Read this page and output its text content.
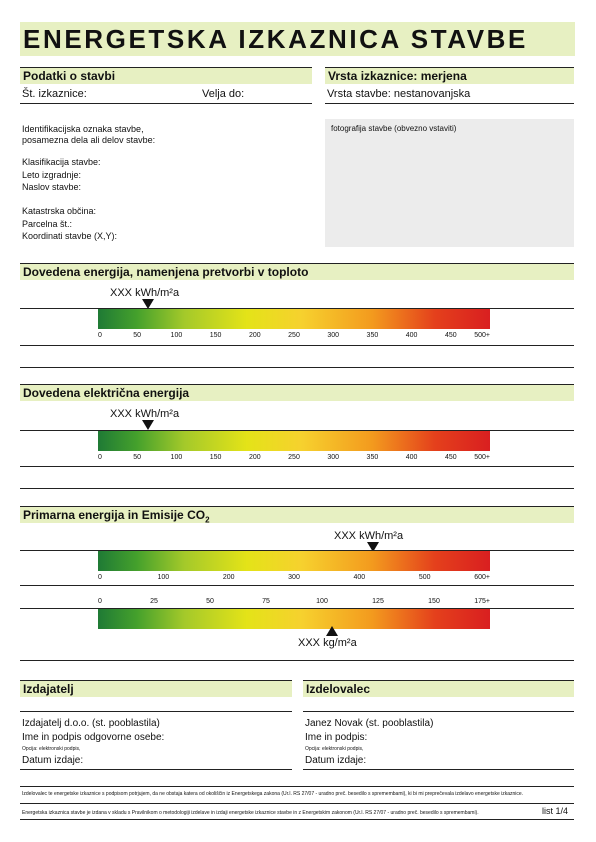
ENERGETSKA IZKAZNICA STAVBE
Podatki o stavbi
Št. izkaznice:	Velja do:
Identifikacijska oznaka stavbe,
posamezna dela ali delov stavbe:
Klasifikacija stavbe:
Leto izgradnje:
Naslov stavbe:
Katastrska občina:
Parcelna št.:
Koordinati stavbe (X,Y):
Vrsta izkaznice: merjena
Vrsta stavbe: nestanovanjska
fotografija stavbe (obvezno vstaviti)
Dovedena energija, namenjena pretvorbi v toploto
XXX kWh/m²a
0	50	100	150	200	250	300	350	400	450	500+
Dovedena električna energija
XXX kWh/m²a
0	50	100	150	200	250	300	350	400	450	500+
Primarna energija in Emisije $CO_2$
XXX kWh/m²a
0	100	200	300	400	500	600+
0	25	50	75	100	125	150	175+
XXX kg/m²a
Izdajatelj
Izdajatelj d.o.o. (st. pooblastila)
Ime in podpis odgovorne osebe:
Opcija: elektronski podpis,
Datum izdaje:
Izdelovalec
Janez Novak (st. pooblastila)
Ime in podpis:
Opcija: elektronski podpis,
Datum izdaje:
Izdelovalec te energetske izkaznice s podpisom potrjujem, da ne obstaja katera od okoliščin iz Energetskega zakona (Ur.l. RS 27/07 - uradno preč. besedilo s spremembami), ki bi mi preprečevala izdelavo energetske izkaznice.
Energetska izkaznica stavbe je izdana v skladu s Pravilnikom o metodologiji izdelave in izdaji energetske izkaznice stavbe in z Energetskim zakonom (Ur.l. RS 27/07 - uradno preč. besedilo s spremembami).	list 1/4
